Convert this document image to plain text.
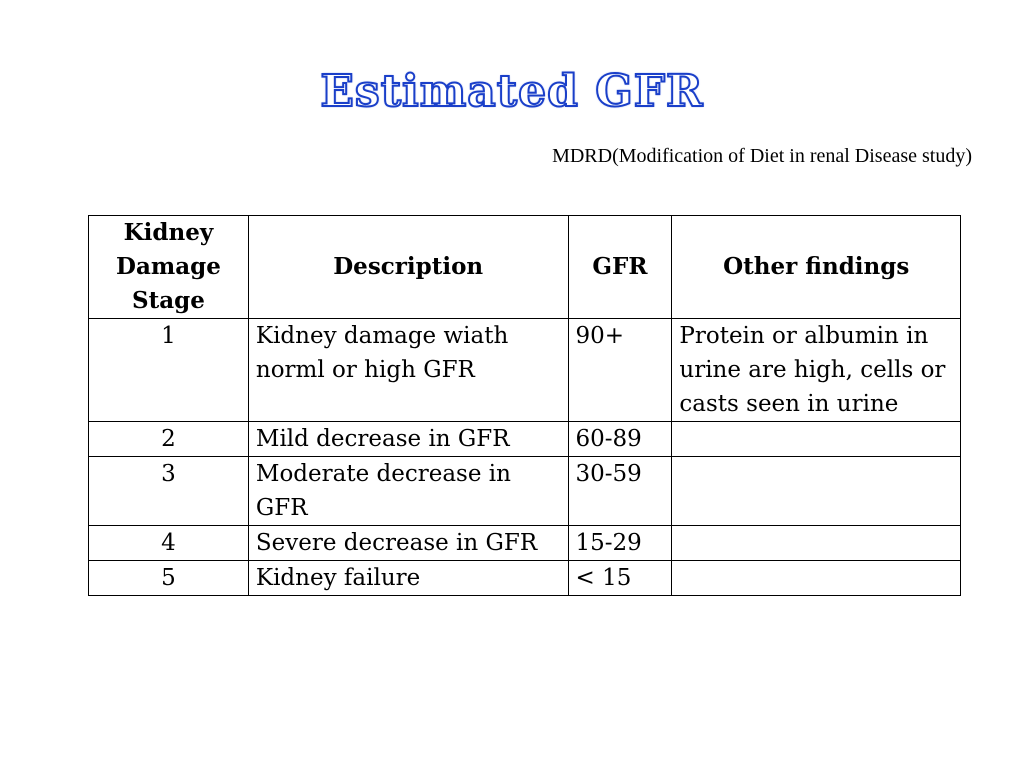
Estimated GFR
MDRD(Modification of Diet in renal Disease study)
Kidney Damage Stage	Description	GFR	Other findings
1	Kidney damage wiath norml or high GFR	90+	Protein or albumin in urine are high, cells or casts seen in urine
2	Mild decrease in GFR	60-89	
3	Moderate decrease in GFR	30-59	
4	Severe decrease in GFR	15-29	
5	Kidney failure	< 15	
